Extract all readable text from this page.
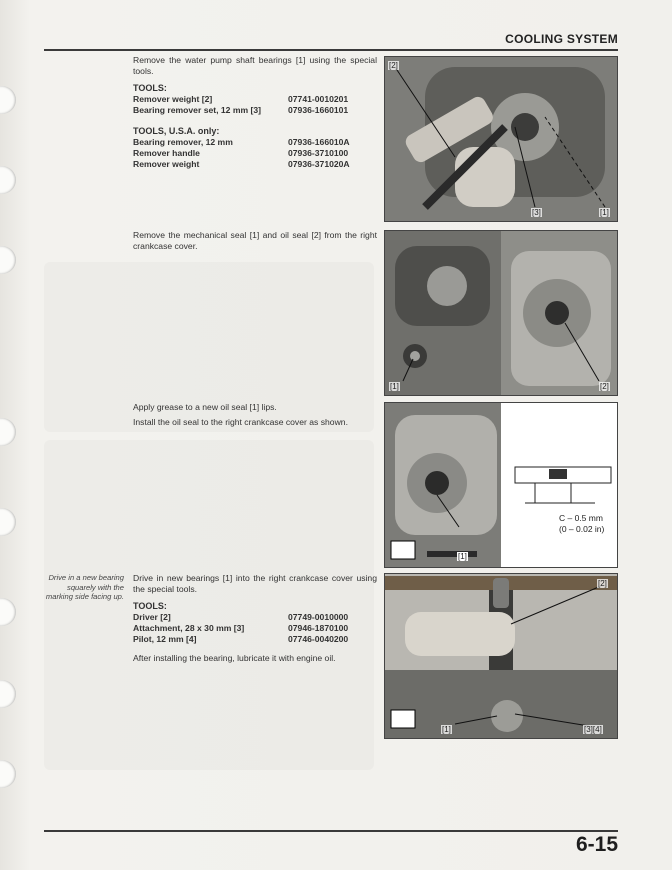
COOLING SYSTEM

Remove the water pump shaft bearings [1] using the special tools.

TOOLS:
Remover weight [2]	07741-0010201
Bearing remover set, 12 mm [3]	07936-1660101
TOOLS, U.S.A. only:
Bearing remover, 12 mm	07936-166010A
Remover handle	07936-3710100
Remover weight	07936-371020A

Remove the mechanical seal [1] and oil seal [2] from the right crankcase cover.

Apply grease to a new oil seal [1] lips.

Install the oil seal to the right crankcase cover as shown.

Drive in a new bearing squarely with the marking side facing up.

Drive in new bearings [1] into the right crankcase cover using the special tools.

TOOLS:
Driver [2]	07749-0010000
Attachment, 28 x 30 mm [3]	07946-1870100
Pilot, 12 mm [4]	07746-0040200

After installing the bearing, lubricate it with engine oil.

[2]
[3]	[1]
[1]	[2]
[1]
C – 0.5 mm
(0 – 0.02 in)
[2]
[1]	[3][4]
6-15
